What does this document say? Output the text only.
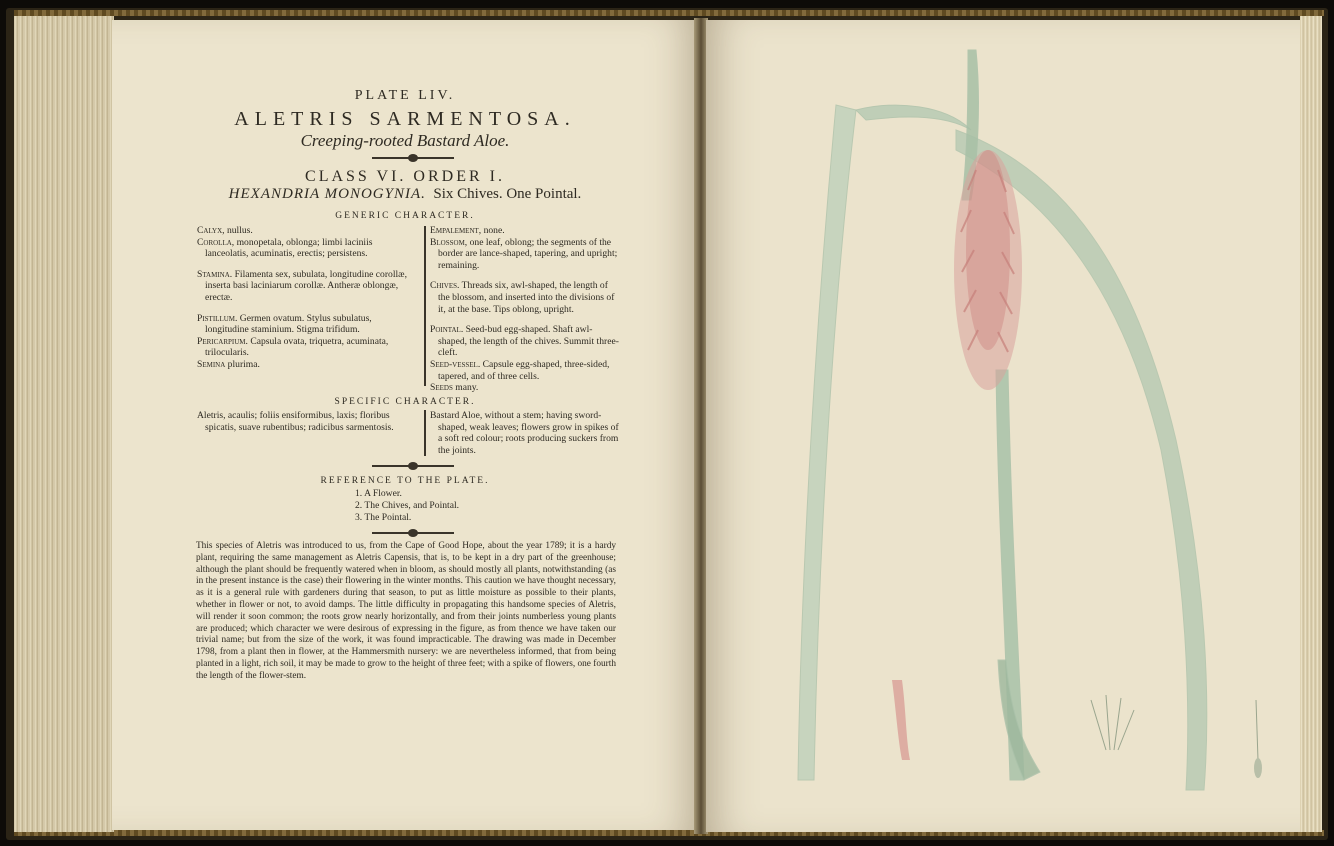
PLATE LIV.
ALETRIS SARMENTOSA.
Creeping-rooted Bastard Aloe.
CLASS VI. ORDER I.
HEXANDRIA MONOGYNIA. Six Chives. One Pointal.
GENERIC CHARACTER.

Calyx, nullus.

Corolla, monopetala, oblonga; limbi laciniis lanceolatis, acuminatis, erectis; persistens.

Stamina. Filamenta sex, subulata, longitudine corollæ, inserta basi laciniarum corollæ. Antheræ oblongæ, erectæ.

Pistillum. Germen ovatum. Stylus subulatus, longitudine staminium. Stigma trifidum.

Pericarpium. Capsula ovata, triquetra, acuminata, trilocularis.

Semina plurima.

Empalement, none.

Blossom, one leaf, oblong; the segments of the border are lance-shaped, tapering, and upright; remaining.

Chives. Threads six, awl-shaped, the length of the blossom, and inserted into the divisions of it, at the base. Tips oblong, upright.

Pointal. Seed-bud egg-shaped. Shaft awl-shaped, the length of the chives. Summit three-cleft.

Seed-vessel. Capsule egg-shaped, three-sided, tapered, and of three cells.

Seeds many.

SPECIFIC CHARACTER.

Aletris, acaulis; foliis ensiformibus, laxis; floribus spicatis, suave rubentibus; radicibus sarmentosis.

Bastard Aloe, without a stem; having sword-shaped, weak leaves; flowers grow in spikes of a soft red colour; roots producing suckers from the joints.

REFERENCE TO THE PLATE.
1. A Flower.
2. The Chives, and Pointal.
3. The Pointal.
This species of Aletris was introduced to us, from the Cape of Good Hope, about the year 1789; it is a hardy plant, requiring the same management as Aletris Capensis, that is, to be kept in a dry part of the greenhouse; although the plant should be frequently watered when in bloom, as should mostly all plants, notwithstanding (as in the present instance is the case) their flowering in the winter months. This caution we have thought necessary, as it is a general rule with gardeners during that season, to put as little moisture as possible to their plants, whether in flower or not, to avoid damps. The little difficulty in propagating this handsome species of Aletris, will render it soon common; the roots grow nearly horizontally, and from their joints numberless young plants are produced; which character we were desirous of expressing in the figure, as from thence we have taken our trivial name; but from the size of the work, it was found impracticable. The drawing was made in December 1798, from a plant then in flower, at the Hammersmith nursery: we are nevertheless informed, that from being planted in a light, rich soil, it may be made to grow to the height of three feet; with a spike of flowers, one fourth the length of the flower-stem.
